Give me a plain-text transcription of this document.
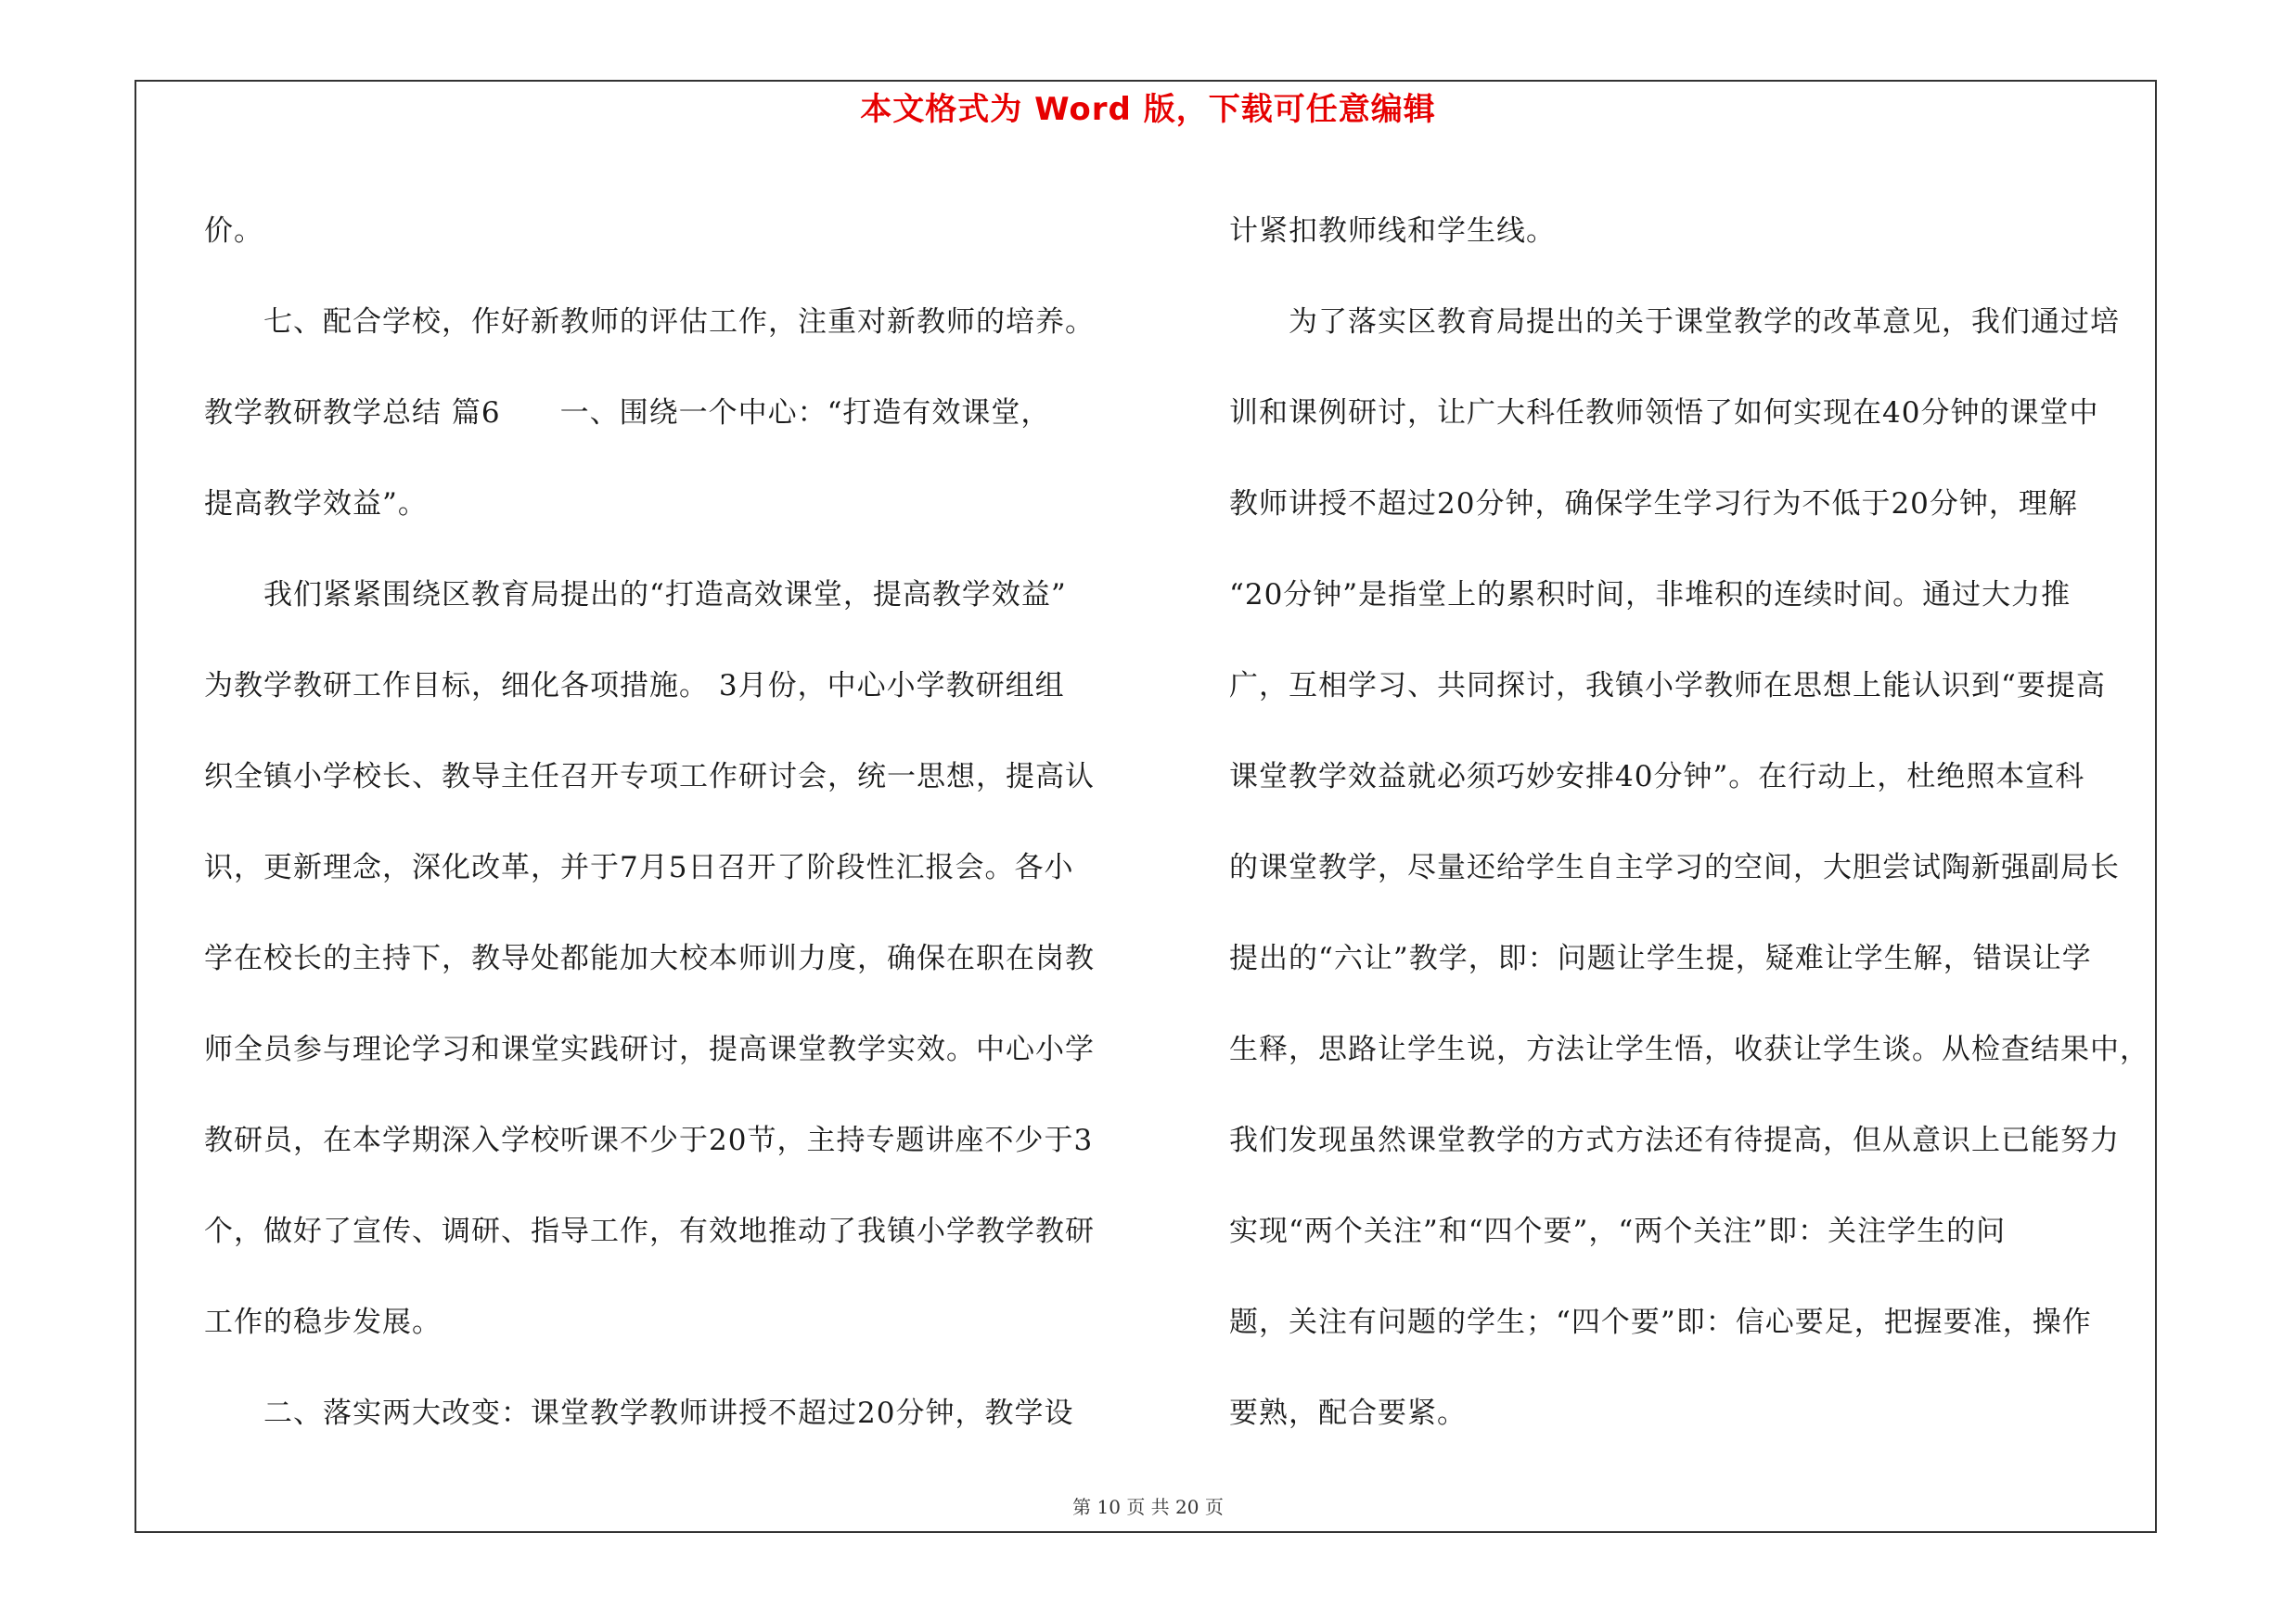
本文格式为 Word 版，下载可任意编辑
价。
　　七、配合学校，作好新教师的评估工作，注重对新教师的培养。
教学教研教学总结 篇6　　一、围绕一个中心：“打造有效课堂，
提高教学效益”。
　　我们紧紧围绕区教育局提出的“打造高效课堂，提高教学效益”
为教学教研工作目标，细化各项措施。 3月份，中心小学教研组组
织全镇小学校长、教导主任召开专项工作研讨会，统一思想，提高认
识，更新理念，深化改革，并于7月5日召开了阶段性汇报会。各小
学在校长的主持下，教导处都能加大校本师训力度，确保在职在岗教
师全员参与理论学习和课堂实践研讨，提高课堂教学实效。中心小学
教研员，在本学期深入学校听课不少于20节，主持专题讲座不少于3
个，做好了宣传、调研、指导工作，有效地推动了我镇小学教学教研
工作的稳步发展。
　　二、落实两大改变：课堂教学教师讲授不超过20分钟，教学设
计紧扣教师线和学生线。
　　为了落实区教育局提出的关于课堂教学的改革意见，我们通过培
训和课例研讨，让广大科任教师领悟了如何实现在40分钟的课堂中
教师讲授不超过20分钟，确保学生学习行为不低于20分钟，理解
“20分钟”是指堂上的累积时间，非堆积的连续时间。通过大力推
广，互相学习、共同探讨，我镇小学教师在思想上能认识到“要提高
课堂教学效益就必须巧妙安排40分钟”。在行动上，杜绝照本宣科
的课堂教学，尽量还给学生自主学习的空间，大胆尝试陶新强副局长
提出的“六让”教学，即：问题让学生提，疑难让学生解，错误让学
生释，思路让学生说，方法让学生悟，收获让学生谈。从检查结果中，
我们发现虽然课堂教学的方式方法还有待提高，但从意识上已能努力
实现“两个关注”和“四个要”，“两个关注”即：关注学生的问
题，关注有问题的学生；“四个要”即：信心要足，把握要准，操作
要熟，配合要紧。
第 10 页 共 20 页
